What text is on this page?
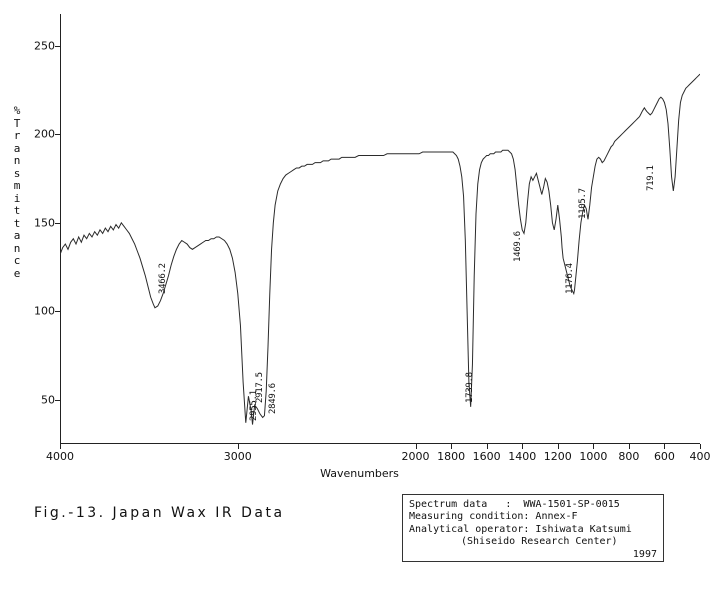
%
T
r
a
n
s
m
i
t
t
a
n
c
e
50
100
150
200
250
4000	3000	2000 1800 1600 1400 1200 1000 800 600 400
3466.2
2955.1
2917.5 2849.6	1739.8
1469.6
1176.4
1105.7
719.1
Wavenumbers
Fig.-13. Japan Wax IR Data
Spectrum data : WWA-1501-SP-0015
Measuring condition: Annex-F
Analytical operator: Ishiwata Katsumi
(Shiseido Research Center)
1997
